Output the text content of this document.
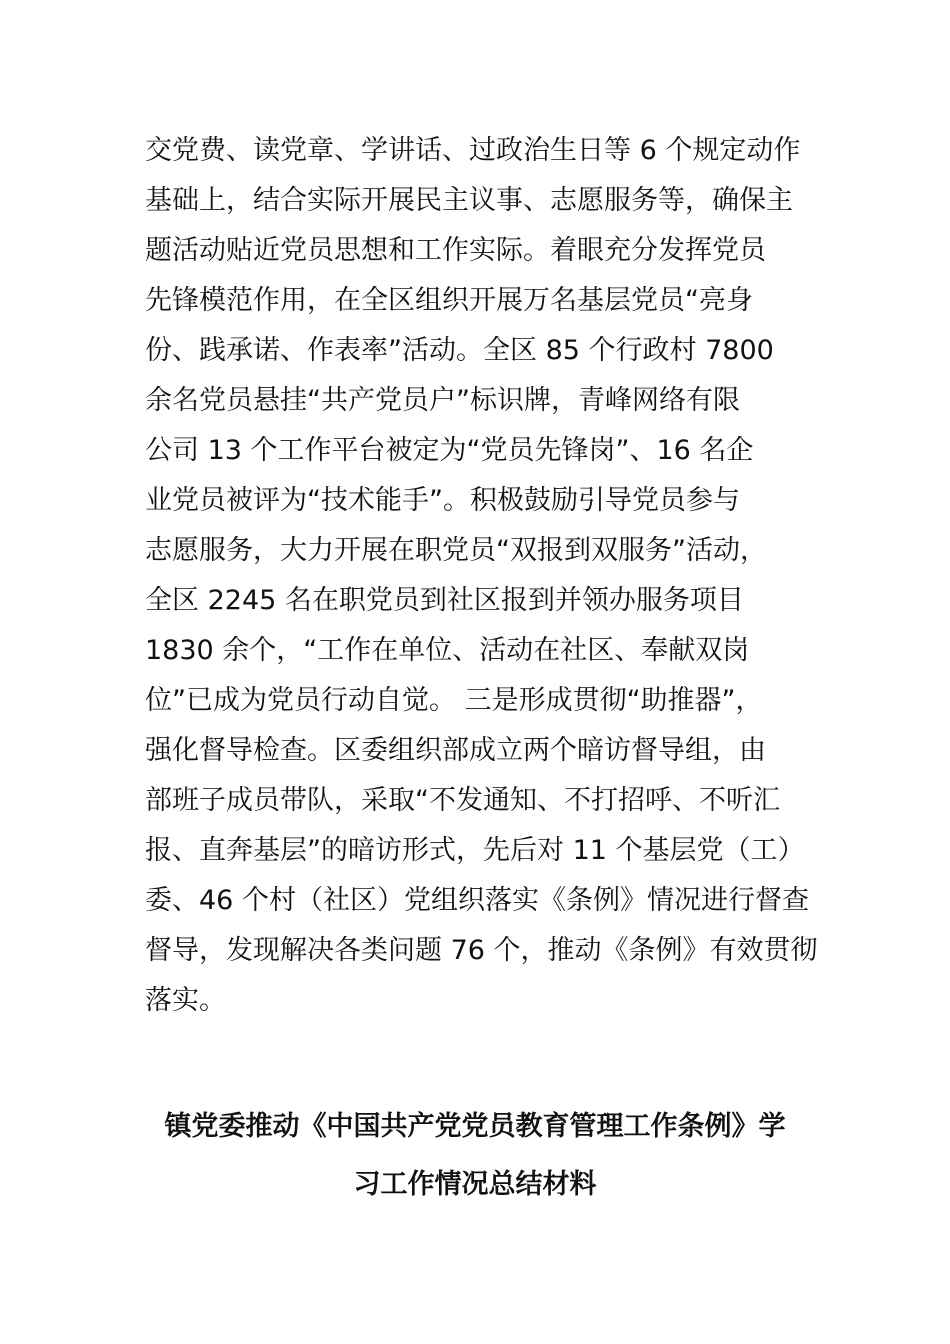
交党费、读党章、学讲话、过政治生日等 6 个规定动作
基础上，结合实际开展民主议事、志愿服务等，确保主
题活动贴近党员思想和工作实际。着眼充分发挥党员
先锋模范作用，在全区组织开展万名基层党员“亮身
份、践承诺、作表率”活动。全区 85 个行政村 7800
余名党员悬挂“共产党员户”标识牌，青峰网络有限
公司 13 个工作平台被定为“党员先锋岗”、16 名企
业党员被评为“技术能手”。积极鼓励引导党员参与
志愿服务，大力开展在职党员“双报到双服务”活动，
全区 2245 名在职党员到社区报到并领办服务项目
1830 余个，“工作在单位、活动在社区、奉献双岗
位”已成为党员行动自觉。 三是形成贯彻“助推器”，
强化督导检查。区委组织部成立两个暗访督导组，由
部班子成员带队，采取“不发通知、不打招呼、不听汇
报、直奔基层”的暗访形式，先后对 11 个基层党（工）
委、46 个村（社区）党组织落实《条例》情况进行督查
督导，发现解决各类问题 76 个，推动《条例》有效贯彻
落实。
镇党委推动《中国共产党党员教育管理工作条例》学
习工作情况总结材料
